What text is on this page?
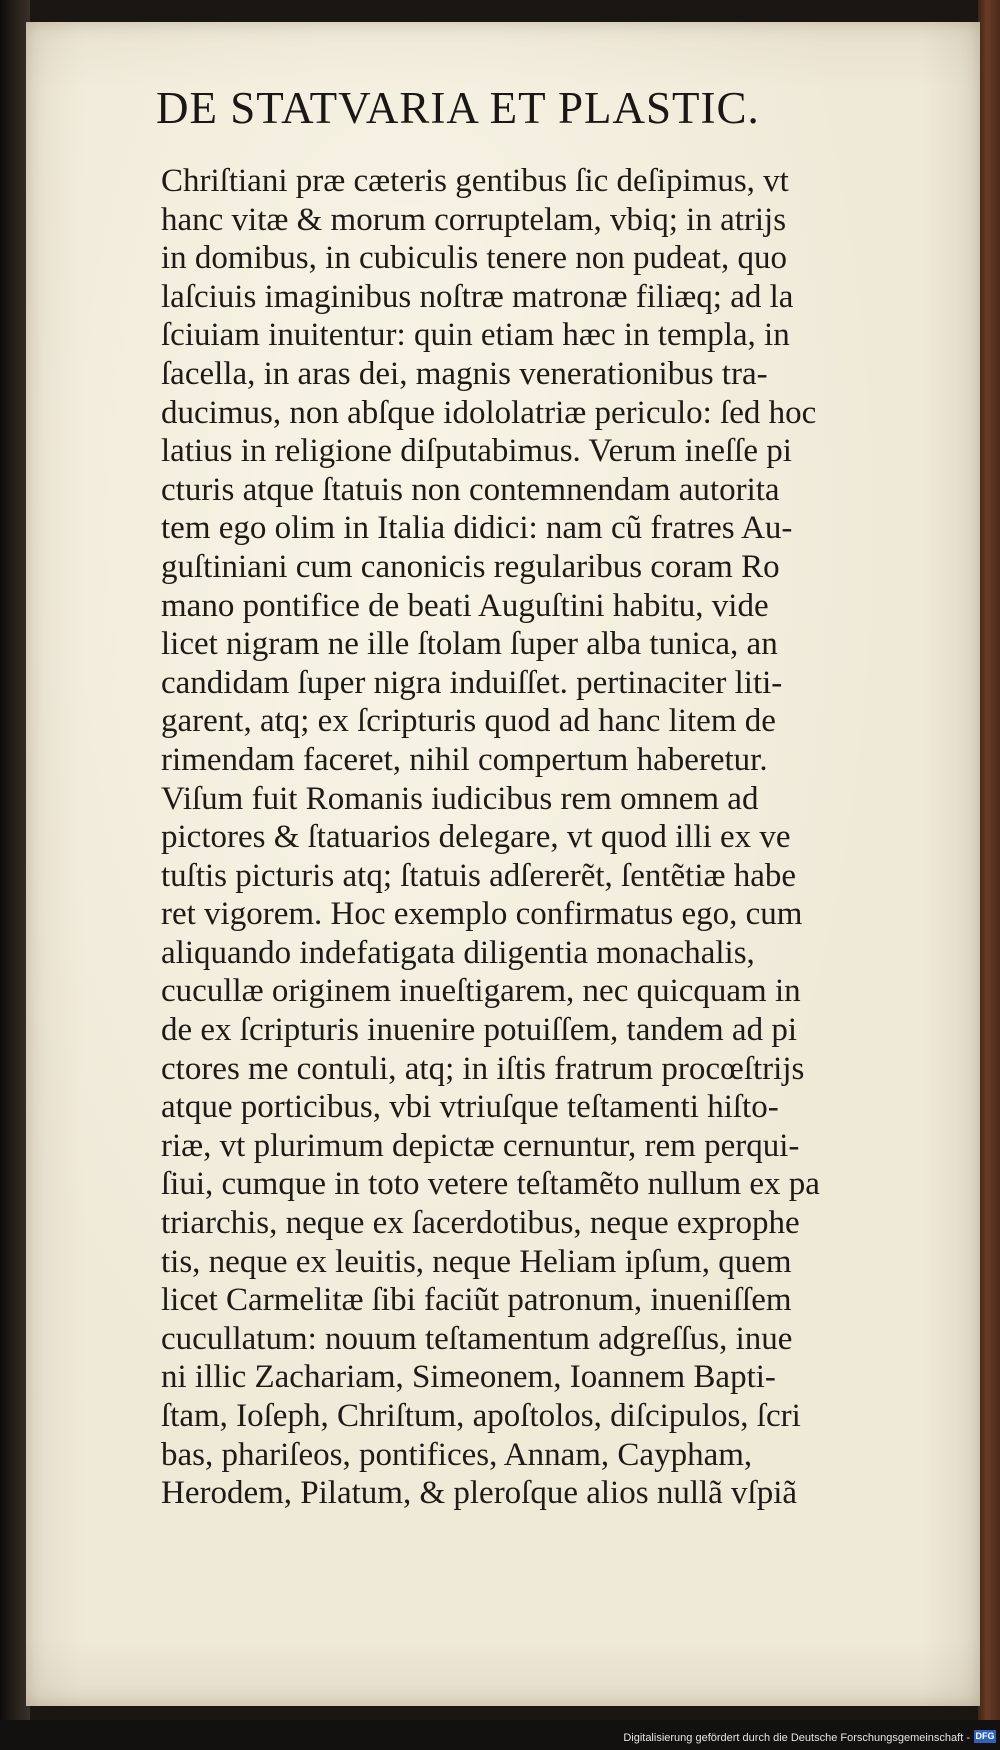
DE STATVARIA ET PLASTIC.
Chriſtiani præ cæteris gentibus ſic deſipimus, vt
hanc vitæ & morum corruptelam, vbiq; in atrijs
in domibus, in cubiculis tenere non pudeat, quo
laſciuis imaginibus noſtræ matronæ filiæq; ad la
ſciuiam inuitentur: quin etiam hæc in templa, in
ſacella, in aras dei, magnis venerationibus tra-
ducimus, non abſque idololatriæ periculo: ſed hoc
latius in religione diſputabimus. Verum ineſſe pi
cturis atque ſtatuis non contemnendam autorita
tem ego olim in Italia didici: nam cũ fratres Au-
guſtiniani cum canonicis regularibus coram Ro
mano pontifice de beati Auguſtini habitu, vide
licet nigram ne ille ſtolam ſuper alba tunica, an
candidam ſuper nigra induiſſet. pertinaciter liti-
garent, atq; ex ſcripturis quod ad hanc litem de
rimendam faceret, nihil compertum haberetur.
Viſum fuit Romanis iudicibus rem omnem ad
pictores & ſtatuarios delegare, vt quod illi ex ve
tuſtis picturis atq; ſtatuis adſererẽt, ſentẽtiæ habe
ret vigorem. Hoc exemplo confirmatus ego, cum
aliquando indefatigata diligentia monachalis,
cucullæ originem inueſtigarem, nec quicquam in
de ex ſcripturis inuenire potuiſſem, tandem ad pi
ctores me contuli, atq; in iſtis fratrum procœſtrijs
atque porticibus, vbi vtriuſque teſtamenti hiſto-
riæ, vt plurimum depictæ cernuntur, rem perqui-
ſiui, cumque in toto vetere teſtamẽto nullum ex pa
triarchis, neque ex ſacerdotibus, neque exprophe
tis, neque ex leuitis, neque Heliam ipſum, quem
licet Carmelitæ ſibi faciũt patronum, inueniſſem
cucullatum: nouum teſtamentum adgreſſus, inue
ni illic Zachariam, Simeonem, Ioannem Bapti-
ſtam, Ioſeph, Chriſtum, apoſtolos, diſcipulos, ſcri
bas, phariſeos, pontifices, Annam, Caypham,
Herodem, Pilatum, & pleroſque alios nullã vſpiã
Digitalisierung gefördert durch die Deutsche Forschungsgemeinschaft - DFG
